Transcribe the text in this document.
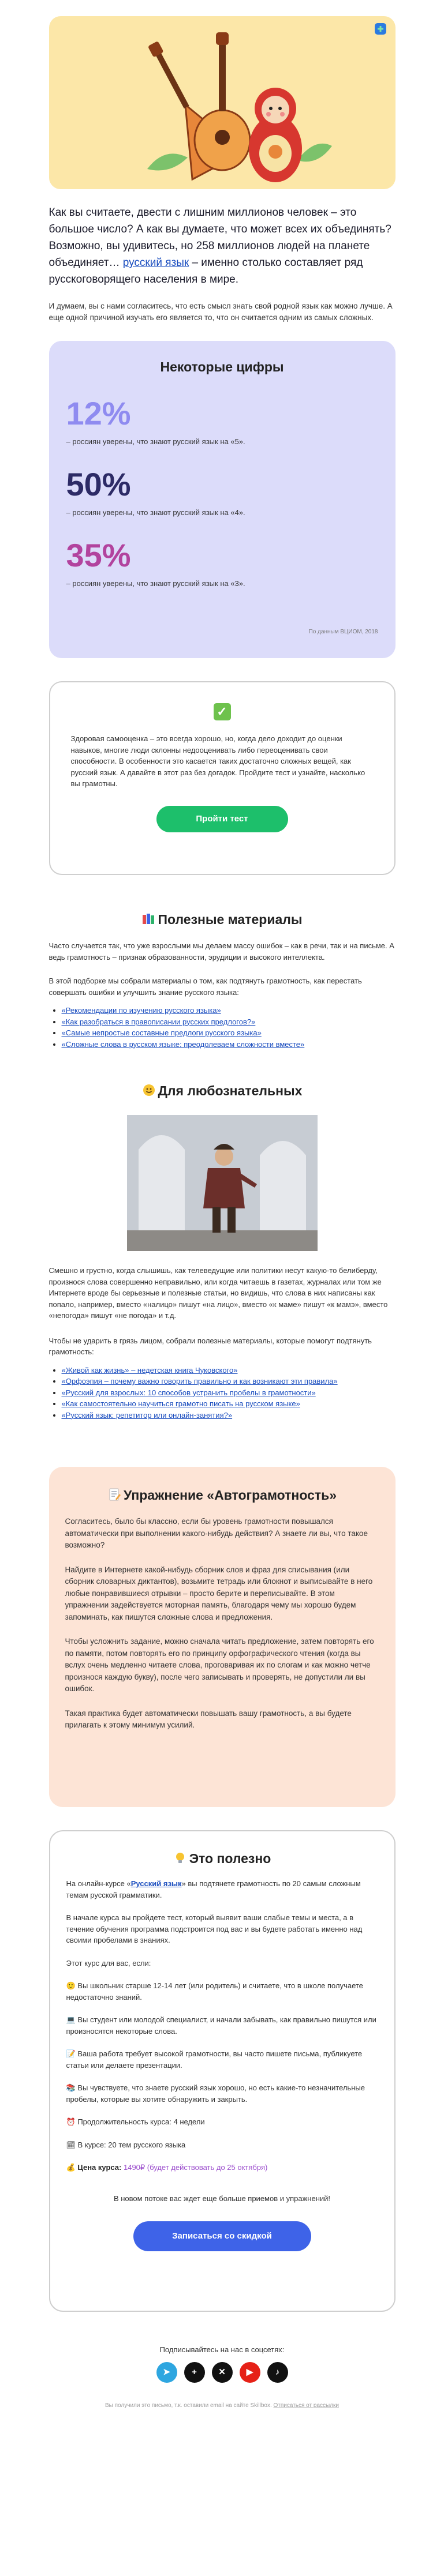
Как вы считаете, двести с лишним миллионов человек – это большое число? А как вы думаете, что может всех их объединять? Возможно, вы удивитесь, но 258 миллионов людей на планете объединяет… русский язык – именно столько составляет ряд русскоговорящего населения в мире.

И думаем, вы с нами согласитесь, что есть смысл знать свой родной язык как можно лучше. А еще одной причиной изучать его является то, что он считается одним из самых сложных.

Некоторые цифры
12%
– россиян уверены, что знают русский язык на «5».
50%
– россиян уверены, что знают русский язык на «4».
35%
– россиян уверены, что знают русский язык на «3».
По данным ВЦИОМ, 2018
✓

Здоровая самооценка – это всегда хорошо, но, когда дело доходит до оценки навыков, многие люди склонны недооценивать либо переоценивать свои способности. В особенности это касается таких достаточно сложных вещей, как русский язык. А давайте в этот раз без догадок. Пройдите тест и узнайте, насколько вы грамотны.

Пройти тест
Полезные материалы

Часто случается так, что уже взрослыми мы делаем массу ошибок – как в речи, так и на письме. А ведь грамотность – признак образованности, эрудиции и высокого интеллекта.

В этой подборке мы собрали материалы о том, как подтянуть грамотность, как перестать совершать ошибки и улучшить знание русского языка:

• «Рекомендации по изучению русского языка»
• «Как разобраться в правописании русских предлогов?»
• «Самые непростые составные предлоги русского языка»
• «Сложные слова в русском языке: преодолеваем сложности вместе»
Для любознательных

Смешно и грустно, когда слышишь, как телеведущие или политики несут какую-то белиберду, произнося слова совершенно неправильно, или когда читаешь в газетах, журналах или том же Интернете вроде бы серьезные и полезные статьи, но видишь, что слова в них написаны как попало, например, вместо «налицо» пишут «на лицо», вместо «к маме» пишут «к мамэ», вместо «непогода» пишут «не погода» и т.д.

Чтобы не ударить в грязь лицом, собрали полезные материалы, которые помогут подтянуть грамотность:

• «Живой как жизнь» – недетская книга Чуковского»
• «Орфоэпия – почему важно говорить правильно и как возникают эти правила»
• «Русский для взрослых: 10 способов устранить пробелы в грамотности»
• «Как самостоятельно научиться грамотно писать на русском языке»
• «Русский язык: репетитор или онлайн-занятия?»
Упражнение «Автограмотность»

Согласитесь, было бы классно, если бы уровень грамотности повышался автоматически при выполнении какого-нибудь действия? А знаете ли вы, что такое возможно?

Найдите в Интернете какой-нибудь сборник слов и фраз для списывания (или сборник словарных диктантов), возьмите тетрадь или блокнот и выписывайте в него любые понравившиеся отрывки – просто берите и переписывайте. В этом упражнении задействуется моторная память, благодаря чему мы хорошо будем запоминать, как пишутся сложные слова и предложения.

Чтобы усложнить задание, можно сначала читать предложение, затем повторять его по памяти, потом повторять его по принципу орфографического чтения (когда вы вслух очень медленно читаете слова, проговаривая их по слогам и как можно четче произнося каждую букву), после чего записывать и проверять, не допустили ли вы ошибок.

Такая практика будет автоматически повышать вашу грамотность, а вы будете прилагать к этому минимум усилий.

Это полезно

На онлайн-курсе «Русский язык» вы подтянете грамотность по 20 самым сложным темам русской грамматики.

В начале курса вы пройдете тест, который выявит ваши слабые темы и места, а в течение обучения программа подстроится под вас и вы будете работать именно над своими пробелами в знаниях.

Этот курс для вас, если:

🙂 Вы школьник старше 12-14 лет (или родитель) и считаете, что в школе получаете недостаточно знаний.

💻 Вы студент или молодой специалист, и начали забывать, как правильно пишутся или произносятся некоторые слова.

📝 Ваша работа требует высокой грамотности, вы часто пишете письма, публикуете статьи или делаете презентации.

📚 Вы чувствуете, что знаете русский язык хорошо, но есть какие-то незначительные пробелы, которые вы хотите обнаружить и закрыть.

⏰ Продолжительность курса: 4 недели

🗓 В курсе: 20 тем русского языка

💰 Цена курса: 1490₽ (будет действовать до 25 октября)

В новом потоке вас ждет еще больше приемов и упражнений!

Записаться со скидкой
Подписывайтесь на нас в соцсетях:
➤ + ✕ ▶	♪
Вы получили это письмо, т.к. оставили email на сайте Skillbox. Отписаться от рассылки
